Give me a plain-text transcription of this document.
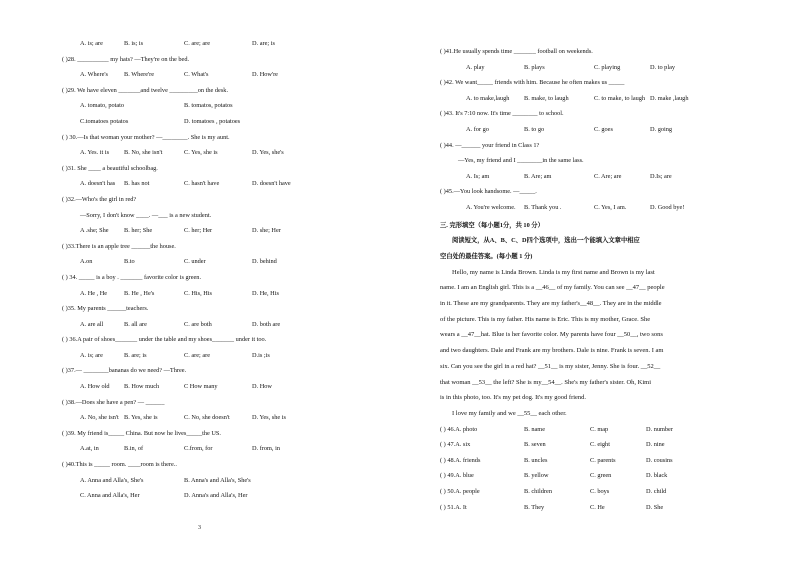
A. is; are	B. is; is	C. are; are	D. are; is
( )28. __________ my hats? —They're on the bed.
A. Where's	B. Where're	C. What's	D. How're
( )29. We have eleven _______and twelve _________on the desk.
A. tomato, potato	B. tomatos, potatos
C.tomatoes potatos	D. tomatoes , potatoes
( ) 30.—Is that woman your mother? —________. She is my aunt.
A. Yes. it is B. No, she isn't	C. Yes, she is	D. Yes, she's
( )31. She ____ a beautiful schoolbag.
A. doesn't has B. has not	C. hasn't have	D. doesn't have
( )32.—Who's the girl in red?
—Sorry, I don't know ____. —___ is a new student.
A .she; She B. her; She	C. her; Her	D. she; Her
( )33.There is an apple tree ______the house.
A.on	B.to	C. under	D. behind
( ) 34. _____ is a boy . _______ favorite color is green.
A. He , He	B. He , He's	C. His, His	D. He, His
( )35. My parents ______teachers.
A. are all	B. all are	C. are both	D. both are
( ) 36.A pair of shoes_______ under the table and my shoes_______ under it too.
A. is; are	B. are; is	C. are; are	D.is ;is
( )37.— ________bananas do we need? —Three.
A. How old B. How much	C How many	D. How
( )38.—Does she have a pen? — ______
A. No, she isn't B. Yes, she is	C. No, she doesn't	D. Yes, she is
( )39. My friend is_____ China. But now he lives_____the US.
A.at, in	B.in, of	C.from, for	D. from, in
( )40.This is _____ room. ____room is there..
A. Anna and Alla's, She's	B. Anna's and Alla's, She's
C. Anna and Alla's, Her	D. Anna's and Alla's, Her
( )41.He usually spends time _______ football on weekends.
A. play	B. plays	C. playing	D. to play
( )42. We want_____ friends with him. Because he often makes us _____
A. to make,laugh B. make, to laugh	C. to make, to laugh D. make ,laugh
( )43. It's 7:10 now. It's time ________ to school.
A. for go	B. to go	C. goes	D. going
( )44. —______ your friend in Class 1?
—Yes, my friend and I ________in the same lass.
A. Is; am	B. Are; am	C. Are; are	D.Is; are
( )45.—You look handsome. —_____.
A. You're welcome. B. Thank you .	C. Yes, I am.	D. Good bye!
三. 完形填空（每小题1分，共 10 分）
阅读短文，从A、B、C、D四个选项中，选出一个能填入文章中相应
空白处的最佳答案。(每小题 1 分)
Hello, my name is Linda Brown. Linda is my first name and Brown is my last
name. I am an English girl. This is a __46__ of my family. You can see __47__ people
in it. These are my grandparents. They are my father's__48__. They are in the middle
of the picture. This is my father. His name is Eric. This is my mother, Grace. She
wears a __47__hat. Blue is her favorite color. My parents have four __50__, two sons
and two daughters. Dale and Frank are my brothers. Dale is nine. Frank is seven. I am
six. Can you see the girl in a red hat? __51__ is my sister, Jenny. She is four. __52__
that woman __53__ the left? She is my__54__. She's my father's sister. Oh, Kimi
is in this photo, too. It's my pet dog. It's my good friend.
I love my family and we __55__ each other.
( ) 46.A. photo	B. name	C. map	D. number
( ) 47.A. six	B. seven	C. eight	D. nine
( ) 48.A. friends	B. uncles	C. parents	D. cousins
( ) 49.A. blue	B. yellow	C. green	D. black
( ) 50.A. people	B. children	C. boys	D. child
( ) 51.A. It	B. They	C. He	D. She
3
